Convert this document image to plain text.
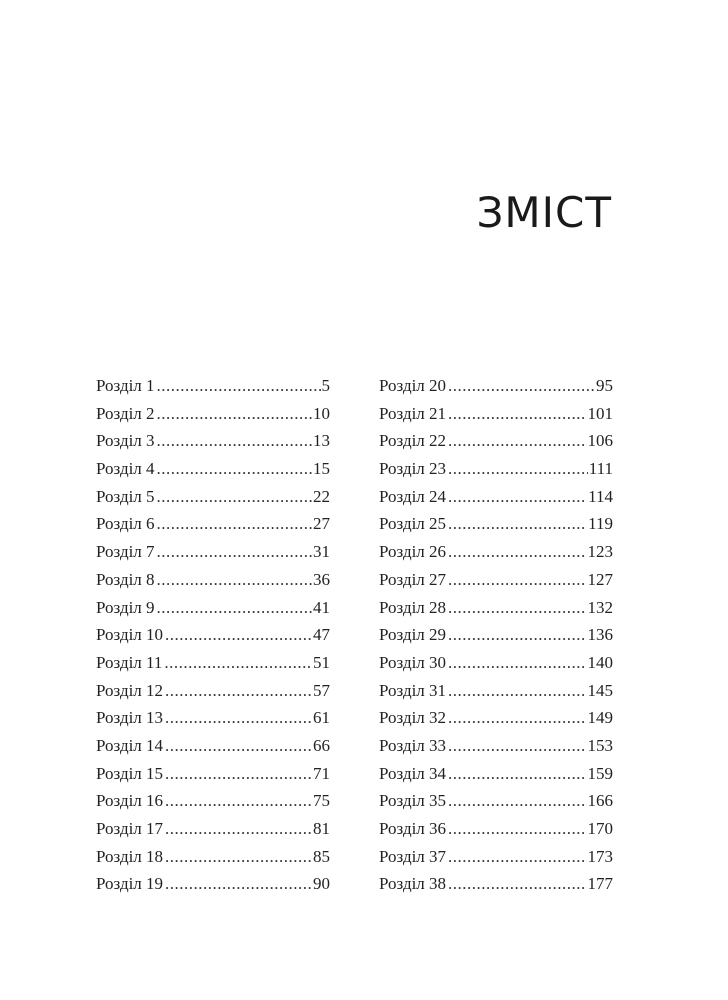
ЗМІСТ
Розділ 1 .....	5
Розділ 2 .....	10
Розділ 3 .....	13
Розділ 4 .....	15
Розділ 5 .....	22
Розділ 6 .....	27
Розділ 7 .....	31
Розділ 8 .....	36
Розділ 9 .....	41
Розділ 10 .....	47
Розділ 11 .....	51
Розділ 12 .....	57
Розділ 13 .....	61
Розділ 14 .....	66
Розділ 15 .....	71
Розділ 16 .....	75
Розділ 17 .....	81
Розділ 18 .....	85
Розділ 19 .....	90
Розділ 20 .....	95
Розділ 21 .....	101
Розділ 22 .....	106
Розділ 23 .....	111
Розділ 24 .....	114
Розділ 25 .....	119
Розділ 26 .....	123
Розділ 27 .....	127
Розділ 28 .....	132
Розділ 29 .....	136
Розділ 30 .....	140
Розділ 31 .....	145
Розділ 32 .....	149
Розділ 33 .....	153
Розділ 34 .....	159
Розділ 35 .....	166
Розділ 36 .....	170
Розділ 37 .....	173
Розділ 38 .....	177
